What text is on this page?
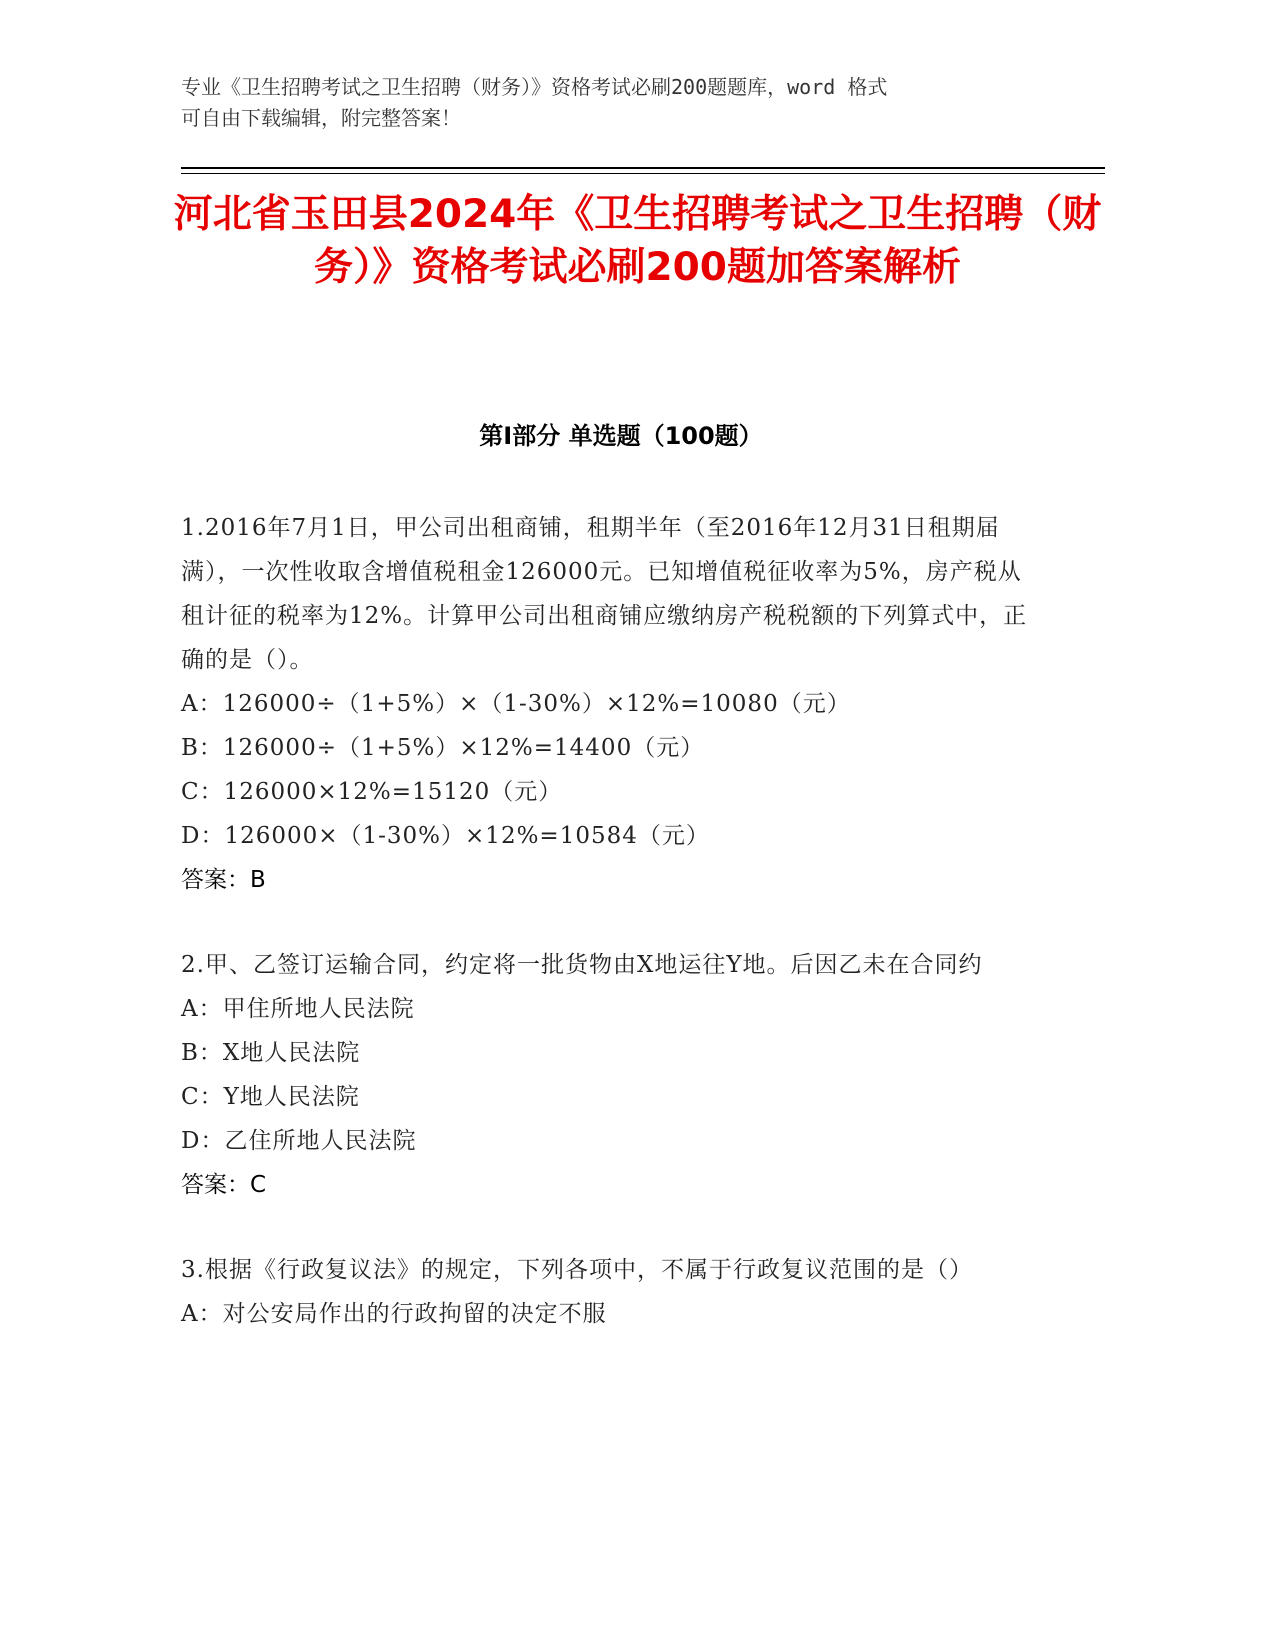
专业《卫生招聘考试之卫生招聘（财务）》资格考试必刷200题题库，word 格式

可自由下载编辑，附完整答案！

河北省玉田县2024年《卫生招聘考试之卫生招聘（财务）》资格考试必刷200题加答案解析
第Ⅰ部分 单选题（100题）

1.2016年7月1日，甲公司出租商铺，租期半年（至2016年12月31日租期届满），一次性收取含增值税租金126000元。已知增值税征收率为5%，房产税从租计征的税率为12%。计算甲公司出租商铺应缴纳房产税税额的下列算式中，正确的是（）。

A：126000÷（1+5%）×（1-30%）×12%=10080（元）

B：126000÷（1+5%）×12%=14400（元）

C：126000×12%=15120（元）

D：126000×（1-30%）×12%=10584（元）

答案：B

2.甲、乙签订运输合同，约定将一批货物由X地运往Y地。后因乙未在合同约

A：甲住所地人民法院

B：X地人民法院

C：Y地人民法院

D：乙住所地人民法院

答案：C

3.根据《行政复议法》的规定，下列各项中，不属于行政复议范围的是（）

A：对公安局作出的行政拘留的决定不服
